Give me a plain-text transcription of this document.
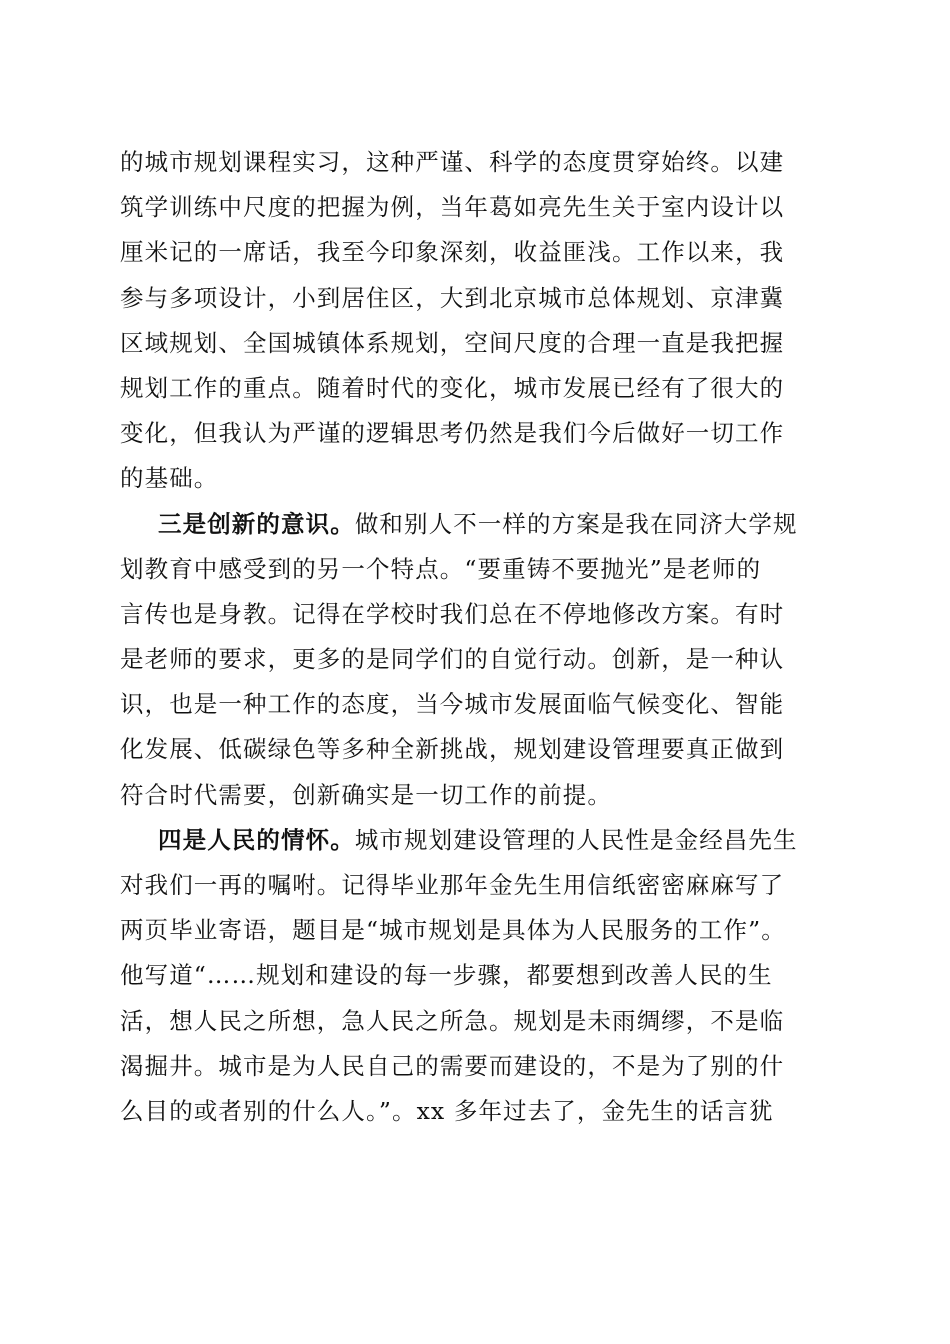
的城市规划课程实习，这种严谨、科学的态度贯穿始终。以建
筑学训练中尺度的把握为例，当年葛如亮先生关于室内设计以
厘米记的一席话，我至今印象深刻，收益匪浅。工作以来，我
参与多项设计，小到居住区，大到北京城市总体规划、京津冀
区域规划、全国城镇体系规划，空间尺度的合理一直是我把握
规划工作的重点。随着时代的变化，城市发展已经有了很大的
变化，但我认为严谨的逻辑思考仍然是我们今后做好一切工作
的基础。
三是创新的意识。做和别人不一样的方案是我在同济大学规
划教育中感受到的另一个特点。“要重铸不要抛光”是老师的
言传也是身教。记得在学校时我们总在不停地修改方案。有时
是老师的要求，更多的是同学们的自觉行动。创新，是一种认
识，也是一种工作的态度，当今城市发展面临气候变化、智能
化发展、低碳绿色等多种全新挑战，规划建设管理要真正做到
符合时代需要，创新确实是一切工作的前提。
四是人民的情怀。城市规划建设管理的人民性是金经昌先生
对我们一再的嘱咐。记得毕业那年金先生用信纸密密麻麻写了
两页毕业寄语，题目是“城市规划是具体为人民服务的工作”。
他写道“……规划和建设的每一步骤，都要想到改善人民的生
活，想人民之所想，急人民之所急。规划是未雨绸缪，不是临
渴掘井。城市是为人民自己的需要而建设的，不是为了别的什
么目的或者别的什么人。”。xx 多年过去了，金先生的话言犹
